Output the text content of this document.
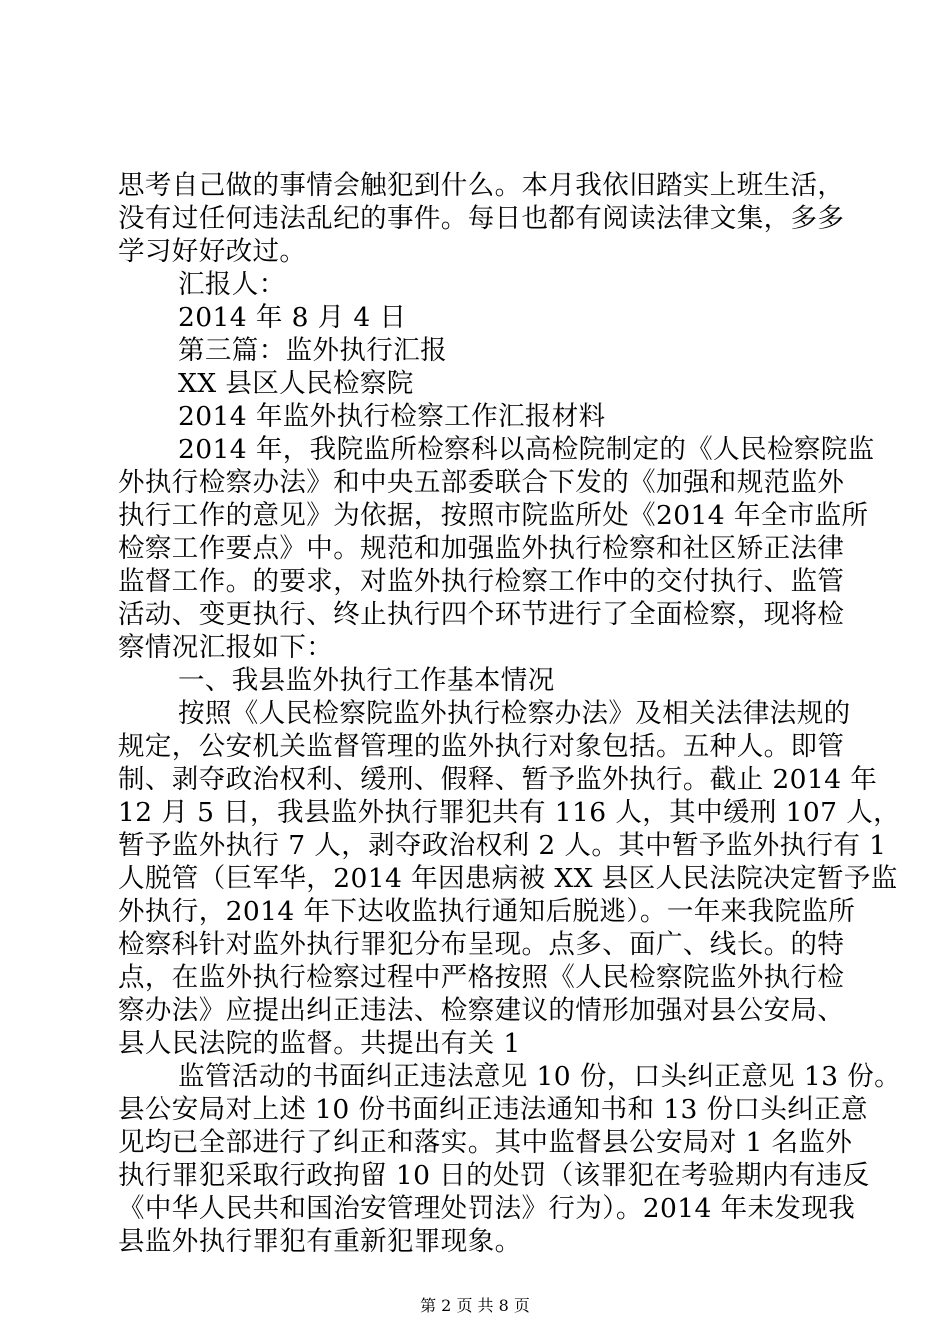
思考自己做的事情会触犯到什么。本月我依旧踏实上班生活，
没有过任何违法乱纪的事件。每日也都有阅读法律文集，多多
学习好好改过。
汇报人：
2014 年 8 月 4 日
第三篇：监外执行汇报
XX 县区人民检察院
2014 年监外执行检察工作汇报材料
2014 年，我院监所检察科以高检院制定的《人民检察院监
外执行检察办法》和中央五部委联合下发的《加强和规范监外
执行工作的意见》为依据，按照市院监所处《2014 年全市监所
检察工作要点》中。规范和加强监外执行检察和社区矫正法律
监督工作。的要求，对监外执行检察工作中的交付执行、监管
活动、变更执行、终止执行四个环节进行了全面检察，现将检
察情况汇报如下：
一、我县监外执行工作基本情况
按照《人民检察院监外执行检察办法》及相关法律法规的
规定，公安机关监督管理的监外执行对象包括。五种人。即管
制、剥夺政治权利、缓刑、假释、暂予监外执行。截止 2014 年
12 月 5 日，我县监外执行罪犯共有 116 人，其中缓刑 107 人，
暂予监外执行 7 人，剥夺政治权利 2 人。其中暂予监外执行有 1
人脱管（巨军华，2014 年因患病被 XX 县区人民法院决定暂予监
外执行，2014 年下达收监执行通知后脱逃）。一年来我院监所
检察科针对监外执行罪犯分布呈现。点多、面广、线长。的特
点，在监外执行检察过程中严格按照《人民检察院监外执行检
察办法》应提出纠正违法、检察建议的情形加强对县公安局、
县人民法院的监督。共提出有关 1
监管活动的书面纠正违法意见 10 份，口头纠正意见 13 份。
县公安局对上述 10 份书面纠正违法通知书和 13 份口头纠正意
见均已全部进行了纠正和落实。其中监督县公安局对 1 名监外
执行罪犯采取行政拘留 10 日的处罚（该罪犯在考验期内有违反
《中华人民共和国治安管理处罚法》行为）。2014 年未发现我
县监外执行罪犯有重新犯罪现象。
第 2 页 共 8 页
